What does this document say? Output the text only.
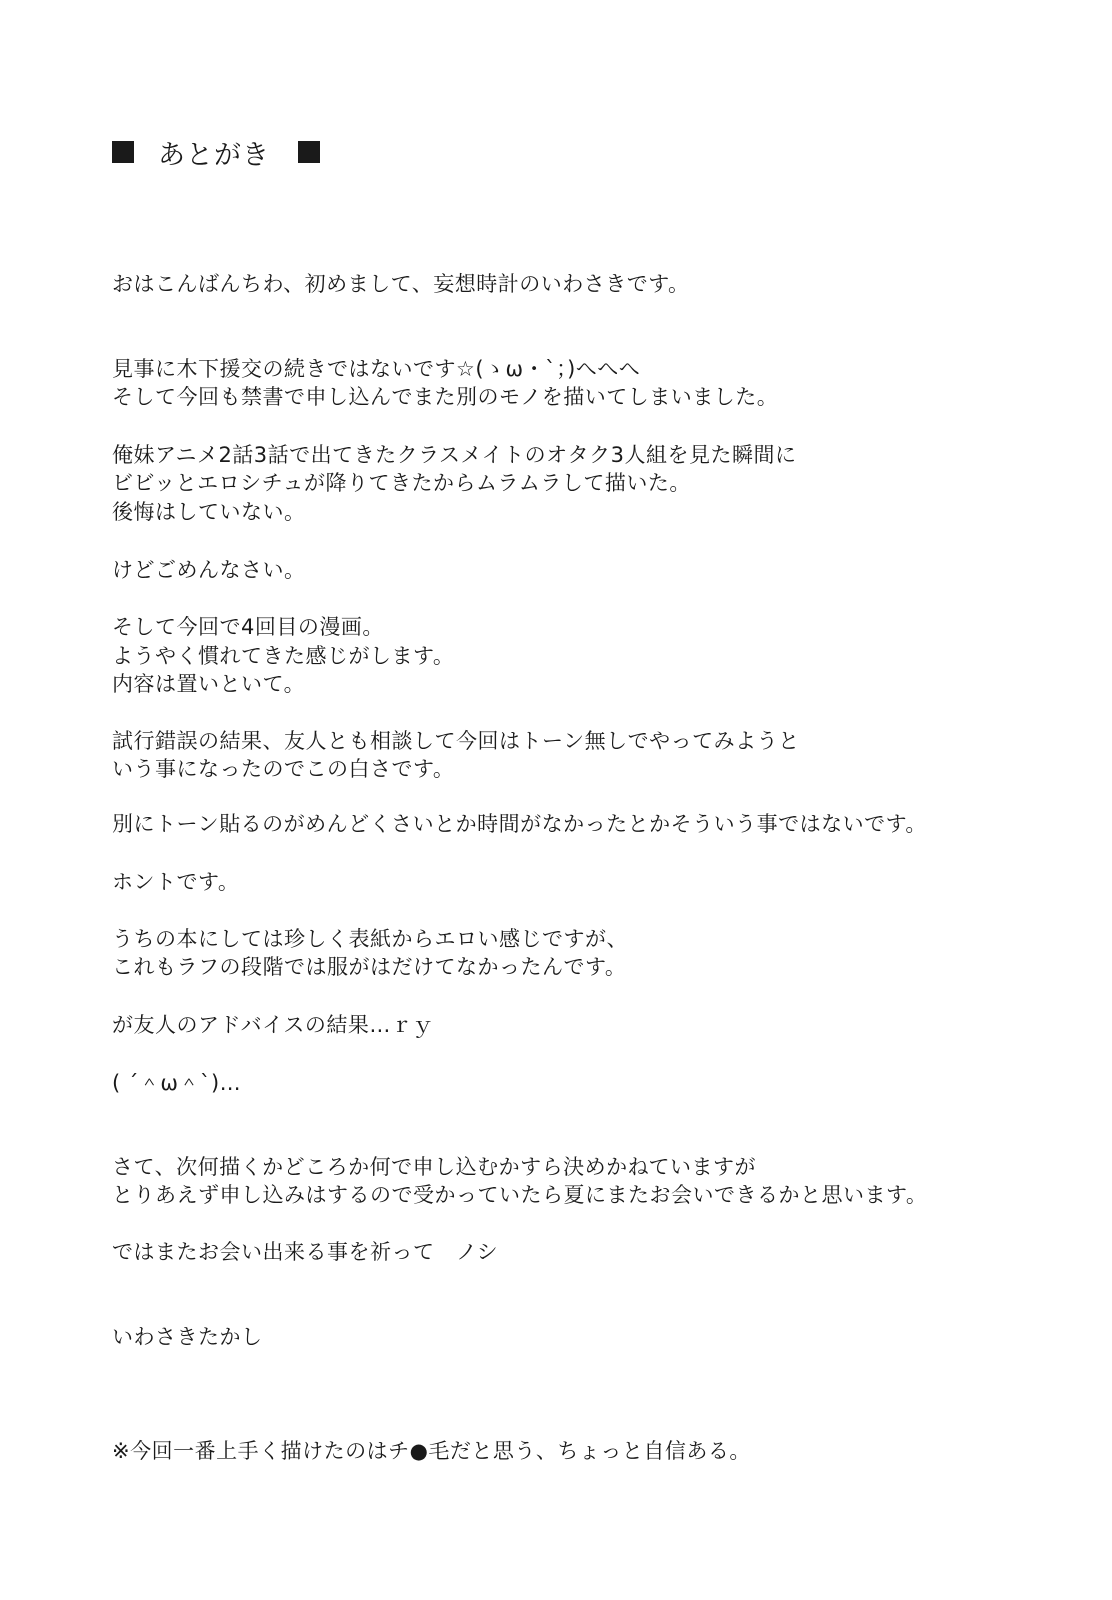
あとがき
おはこんばんちわ、初めまして、妄想時計のいわさきです。
見事に木下援交の続きではないです☆(ゝω・`；)へへへ
そして今回も禁書で申し込んでまた別のモノを描いてしまいました。
俺妹アニメ2話3話で出てきたクラスメイトのオタク3人組を見た瞬間に
ビビッとエロシチュが降りてきたからムラムラして描いた。
後悔はしていない。
けどごめんなさい。
そして今回で4回目の漫画。
ようやく慣れてきた感じがします。
内容は置いといて。
試行錯誤の結果、友人とも相談して今回はトーン無しでやってみようと
いう事になったのでこの白さです。
別にトーン貼るのがめんどくさいとか時間がなかったとかそういう事ではないです。
ホントです。
うちの本にしては珍しく表紙からエロい感じですが、
これもラフの段階では服がはだけてなかったんです。
が友人のアドバイスの結果…ｒｙ
( ´＾ω＾`)…
さて、次何描くかどころか何で申し込むかすら決めかねていますが
とりあえず申し込みはするので受かっていたら夏にまたお会いできるかと思います。
ではまたお会い出来る事を祈って　ノシ
いわさきたかし
※今回一番上手く描けたのはチ●毛だと思う、ちょっと自信ある。
